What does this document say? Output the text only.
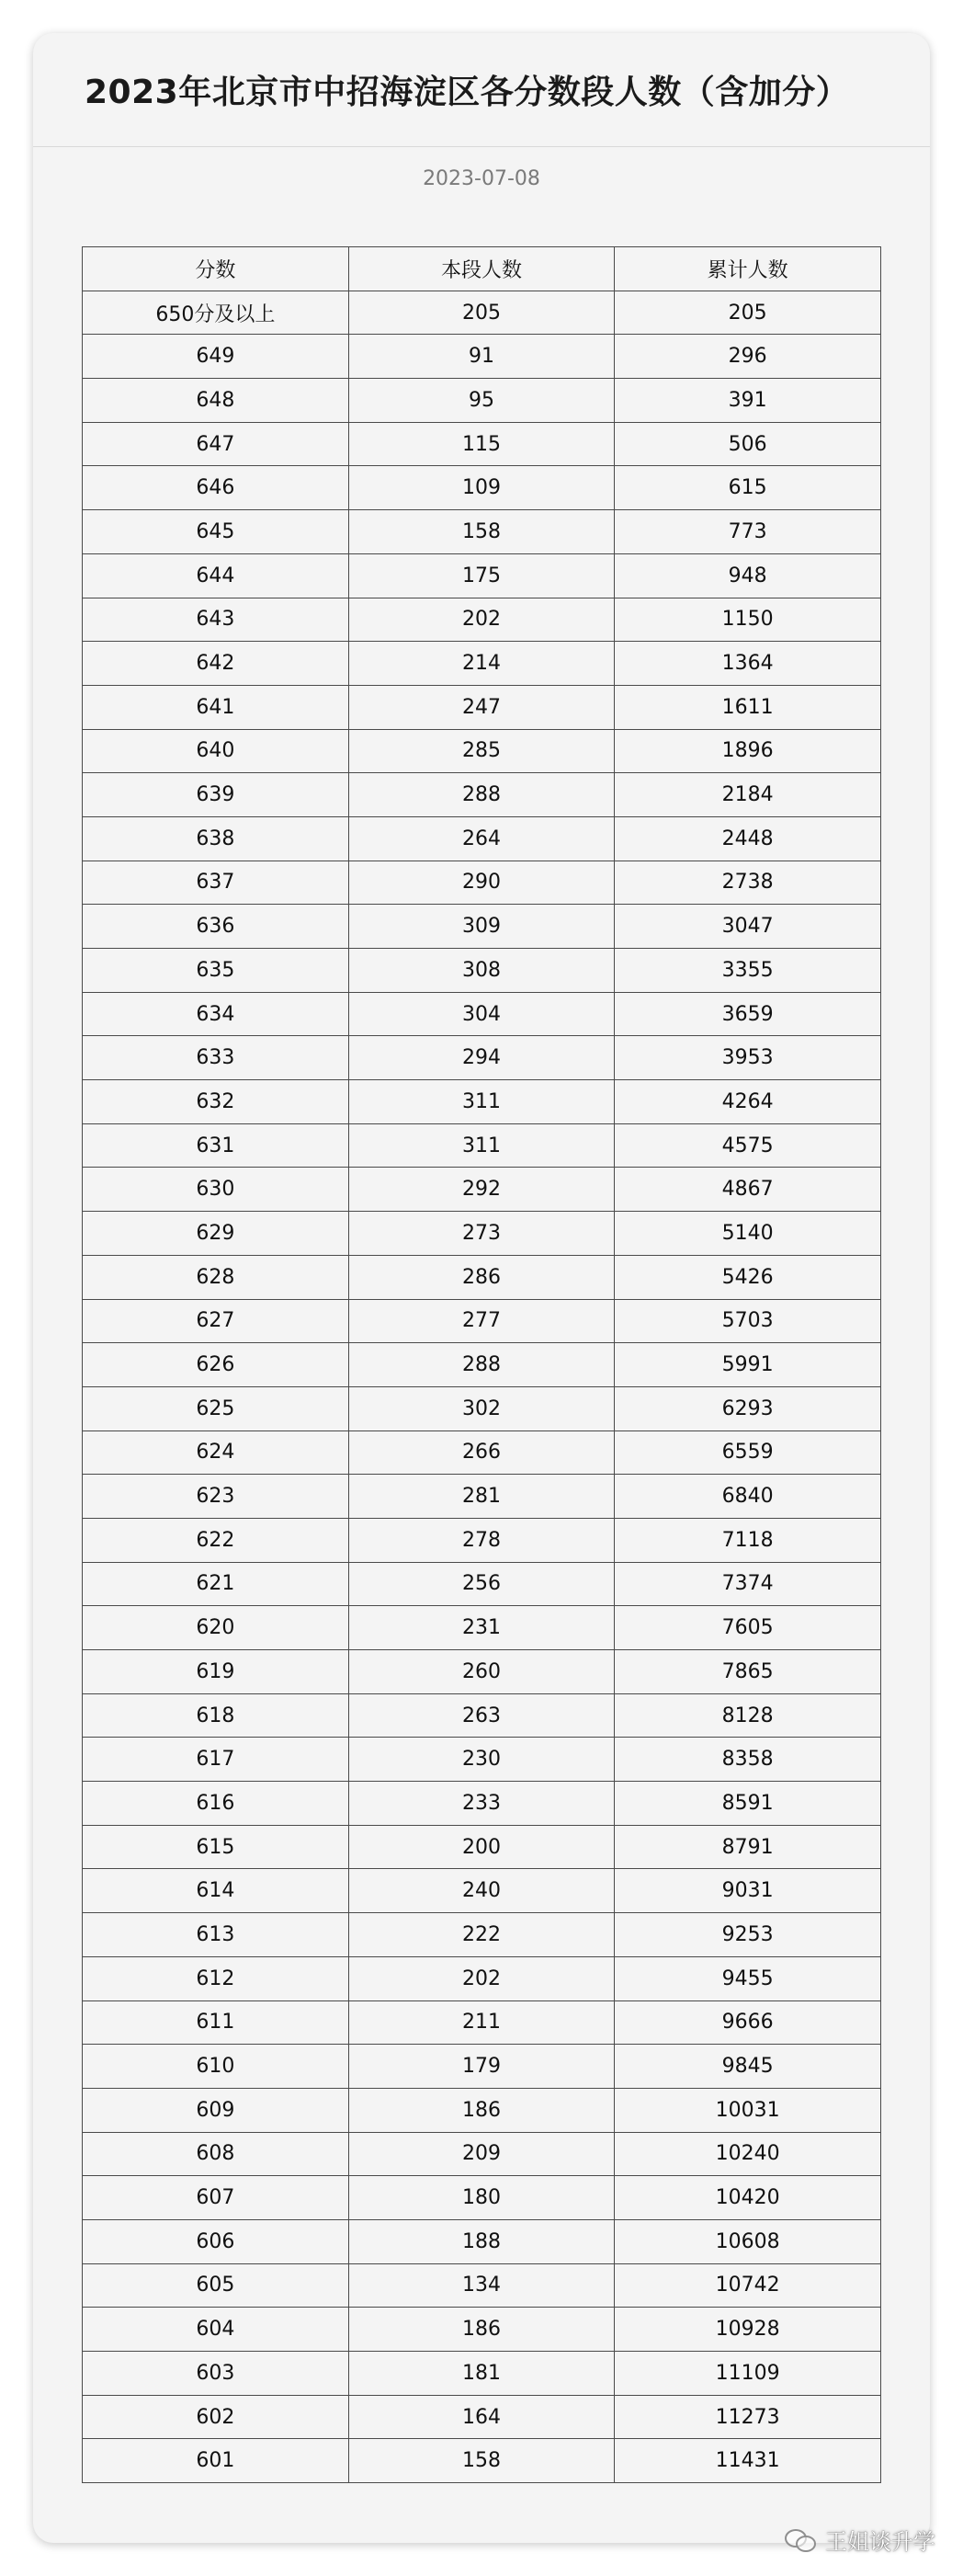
2023年北京市中招海淀区各分数段人数（含加分）
2023-07-08
分数	本段人数	累计人数
650分及以上	205	205
649	91	296
648	95	391
647	115	506
646	109	615
645	158	773
644	175	948
643	202	1150
642	214	1364
641	247	1611
640	285	1896
639	288	2184
638	264	2448
637	290	2738
636	309	3047
635	308	3355
634	304	3659
633	294	3953
632	311	4264
631	311	4575
630	292	4867
629	273	5140
628	286	5426
627	277	5703
626	288	5991
625	302	6293
624	266	6559
623	281	6840
622	278	7118
621	256	7374
620	231	7605
619	260	7865
618	263	8128
617	230	8358
616	233	8591
615	200	8791
614	240	9031
613	222	9253
612	202	9455
611	211	9666
610	179	9845
609	186	10031
608	209	10240
607	180	10420
606	188	10608
605	134	10742
604	186	10928
603	181	11109
602	164	11273
601	158	11431
王姐谈升学
